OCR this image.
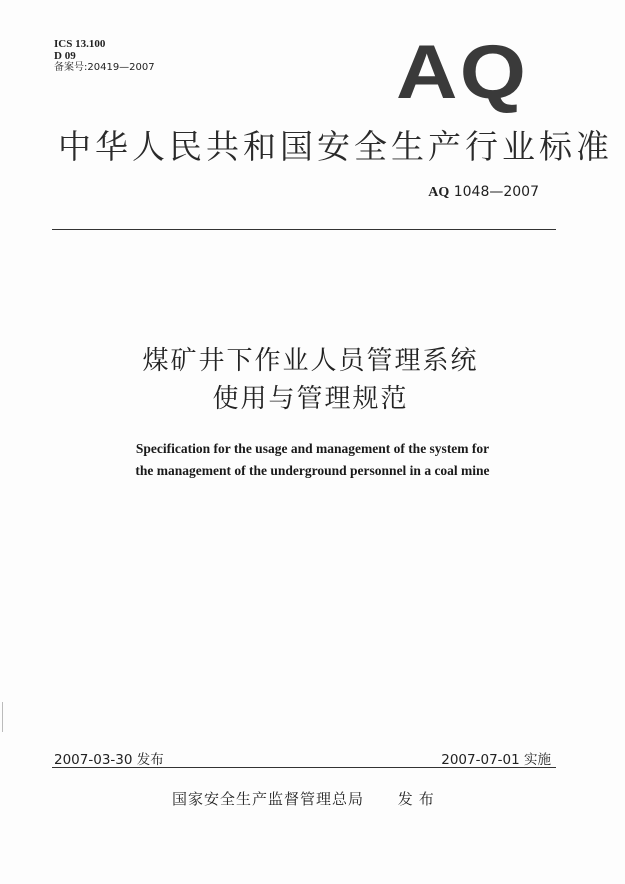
ICS 13.100
D 09
备案号:20419—2007	AQ
中华人民共和国安全生产行业标准
AQ 1048—2007
煤矿井下作业人员管理系统
使用与管理规范
Specification for the usage and management of the system for
the management of the underground personnel in a coal mine
2007-03-30 发布	2007-07-01 实施
国家安全生产监督管理总局 发布
